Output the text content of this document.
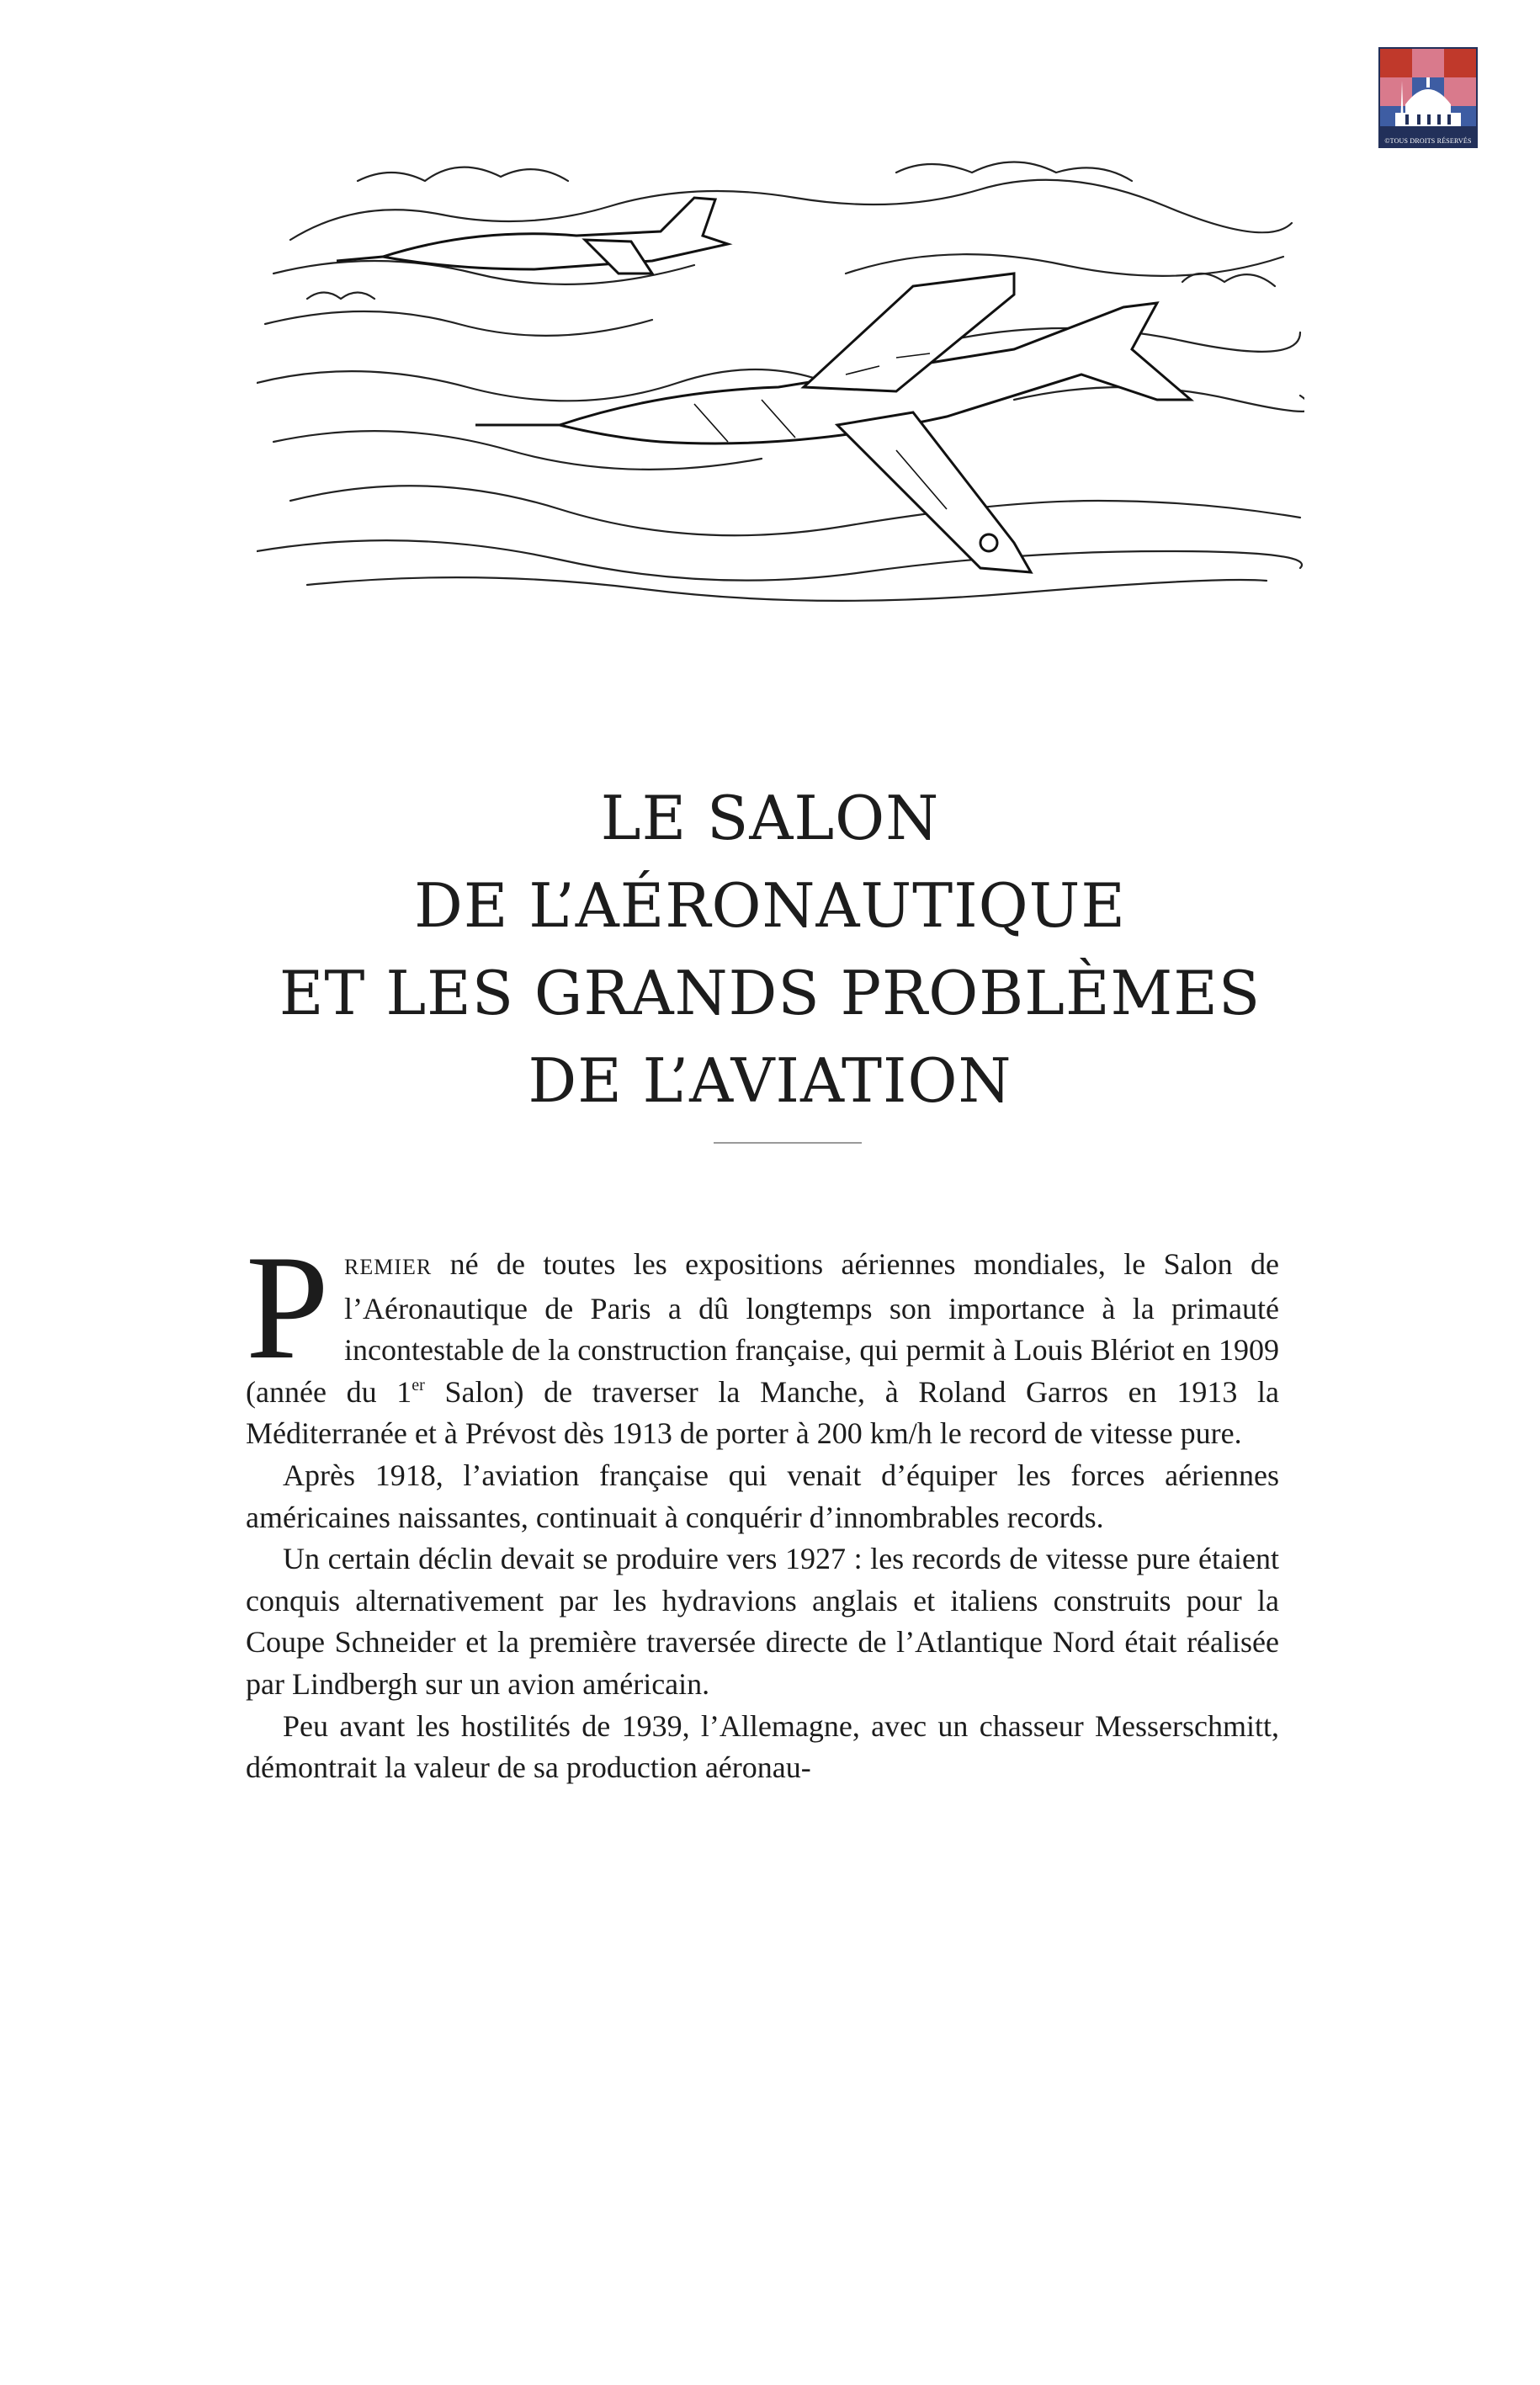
©TOUS DROITS RÉSERVÉS
LE SALON
DE L’AÉRONAUTIQUE
ET LES GRANDS PROBLÈMES
DE L’AVIATION

PREMIER né de toutes les expositions aériennes mondiales, le Salon de l’Aéronautique de Paris a dû longtemps son importance à la primauté incontestable de la construction française, qui permit à Louis Blériot en 1909 (année du 1er Salon) de traverser la Manche, à Roland Garros en 1913 la Méditerranée et à Prévost dès 1913 de porter à 200 km/h le record de vitesse pure.

Après 1918, l’aviation française qui venait d’équiper les forces aériennes américaines naissantes, continuait à conquérir d’innombrables records.

Un certain déclin devait se produire vers 1927 : les records de vitesse pure étaient conquis alternativement par les hydravions anglais et italiens construits pour la Coupe Schneider et la première traversée directe de l’Atlantique Nord était réalisée par Lindbergh sur un avion américain.

Peu avant les hostilités de 1939, l’Allemagne, avec un chasseur Messerschmitt, démontrait la valeur de sa production aéronau-
